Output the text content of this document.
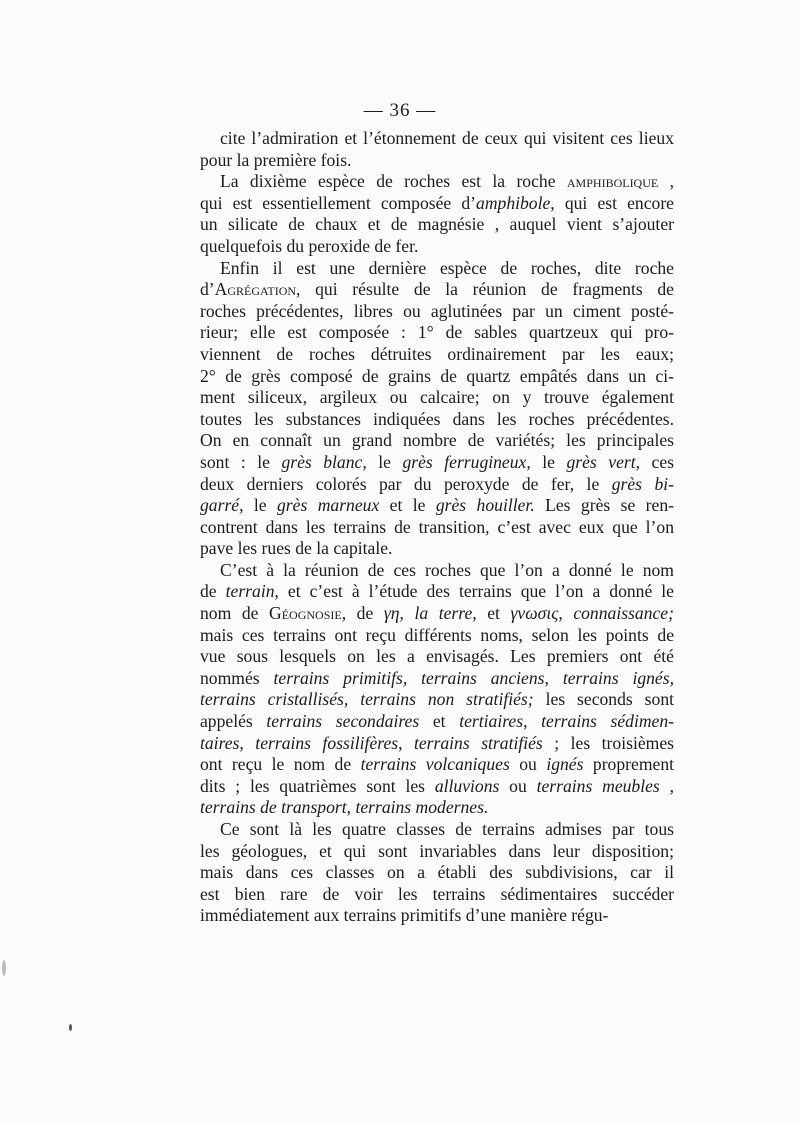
— 36 —
cite l’admiration et l’étonnement de ceux qui visitent ces lieux
pour la première fois.
La dixième espèce de roches est la roche amphibolique ,
qui est essentiellement composée d’amphibole, qui est encore
un silicate de chaux et de magnésie , auquel vient s’ajouter
quelquefois du peroxide de fer.
Enfin il est une dernière espèce de roches, dite roche
d’Agrégation, qui résulte de la réunion de fragments de
roches précédentes, libres ou aglutinées par un ciment posté-
rieur; elle est composée : 1° de sables quartzeux qui pro-
viennent de roches détruites ordinairement par les eaux;
2° de grès composé de grains de quartz empâtés dans un ci-
ment siliceux, argileux ou calcaire; on y trouve également
toutes les substances indiquées dans les roches précédentes.
On en connaît un grand nombre de variétés; les principales
sont : le grès blanc, le grès ferrugineux, le grès vert, ces
deux derniers colorés par du peroxyde de fer, le grès bi-
garré, le grès marneux et le grès houiller. Les grès se ren-
contrent dans les terrains de transition, c’est avec eux que l’on
pave les rues de la capitale.
C’est à la réunion de ces roches que l’on a donné le nom
de terrain, et c’est à l’étude des terrains que l’on a donné le
nom de Géognosie, de γη, la terre, et γνωσις, connaissance;
mais ces terrains ont reçu différents noms, selon les points de
vue sous lesquels on les a envisagés. Les premiers ont été
nommés terrains primitifs, terrains anciens, terrains ignés,
terrains cristallisés, terrains non stratifiés; les seconds sont
appelés terrains secondaires et tertiaires, terrains sédimen-
taires, terrains fossilifères, terrains stratifiés ; les troisièmes
ont reçu le nom de terrains volcaniques ou ignés proprement
dits ; les quatrièmes sont les alluvions ou terrains meubles ,
terrains de transport, terrains modernes.
Ce sont là les quatre classes de terrains admises par tous
les géologues, et qui sont invariables dans leur disposition;
mais dans ces classes on a établi des subdivisions, car il
est bien rare de voir les terrains sédimentaires succéder
immédiatement aux terrains primitifs d’une manière régu-
